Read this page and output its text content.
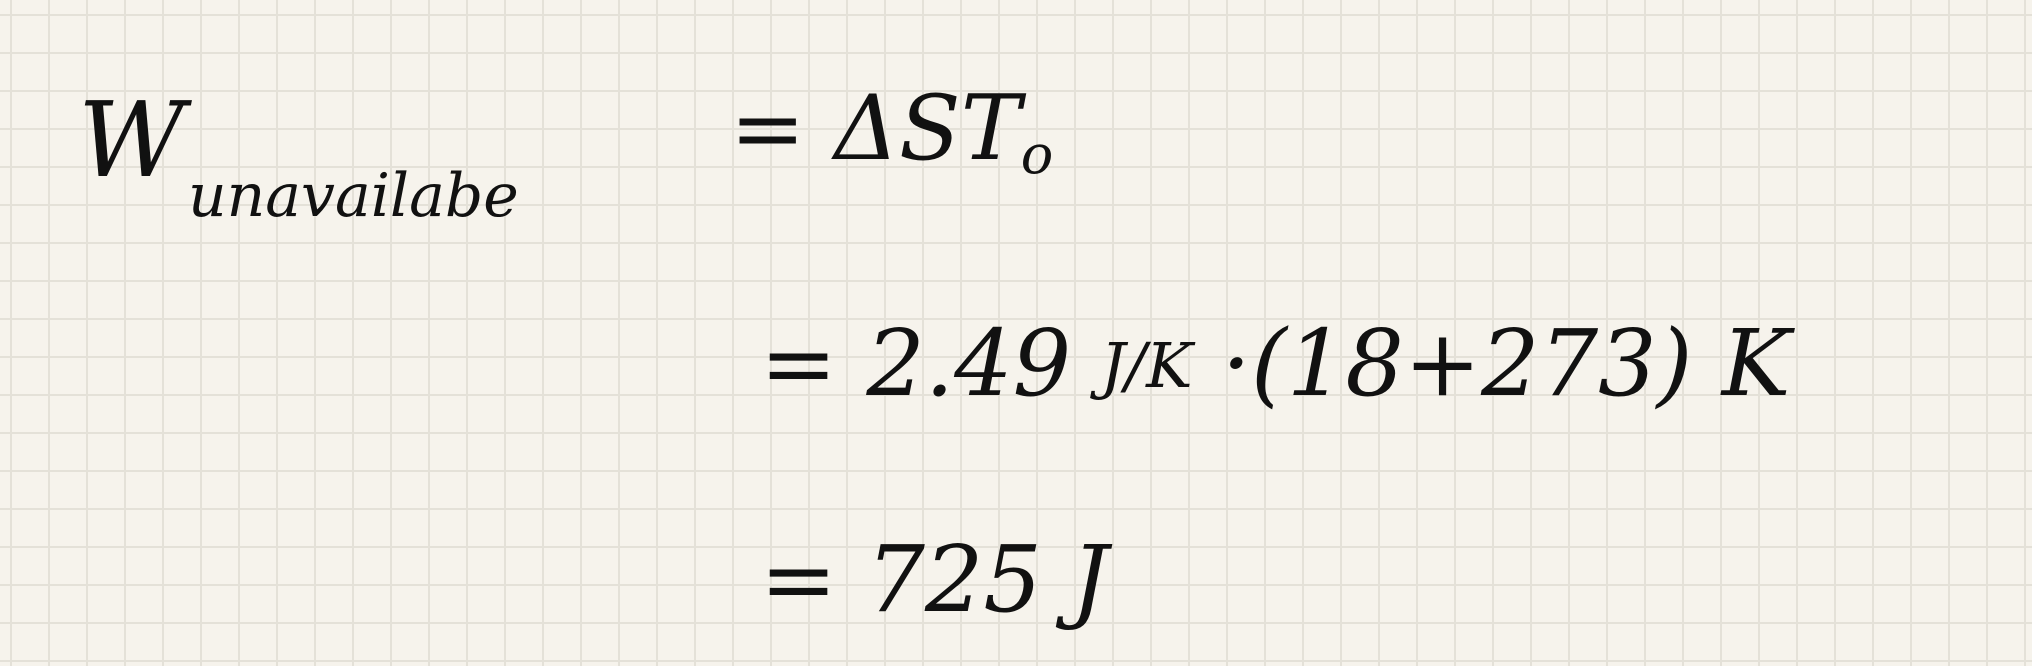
W unavailabe
= ΔSTo
= 2.49 J/K ·(18+273) K
= 725 J
